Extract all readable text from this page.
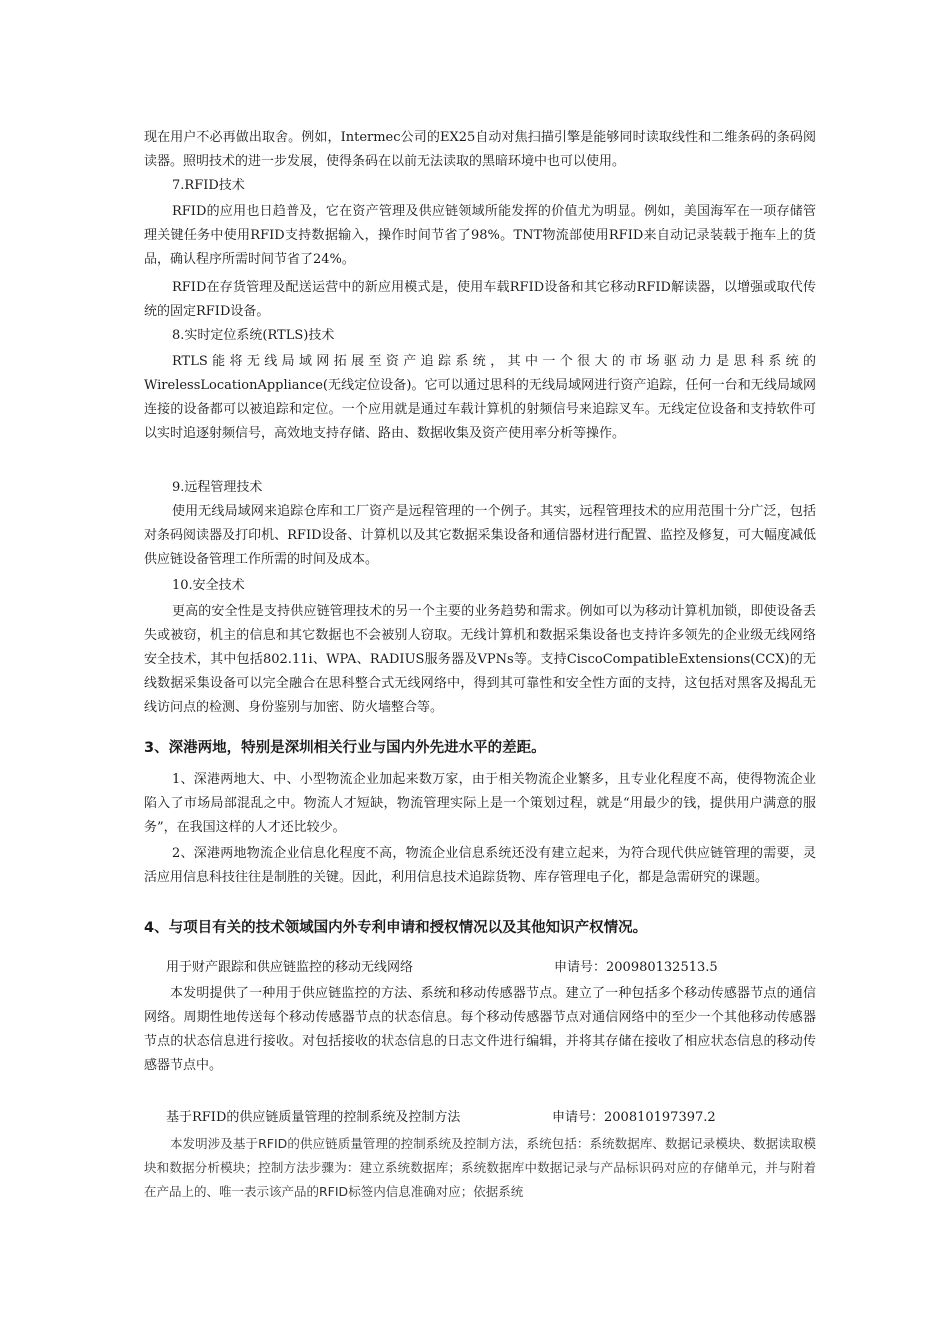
现在用户不必再做出取舍。例如，Intermec公司的EX25自动对焦扫描引擎是能够同时读取线性和二维条码的条码阅读器。照明技术的进一步发展，使得条码在以前无法读取的黑暗环境中也可以使用。

7.RFID技术

RFID的应用也日趋普及，它在资产管理及供应链领域所能发挥的价值尤为明显。例如，美国海军在一项存储管理关键任务中使用RFID支持数据输入，操作时间节省了98%。TNT物流部使用RFID来自动记录装载于拖车上的货品，确认程序所需时间节省了24%。

RFID在存货管理及配送运营中的新应用模式是，使用车载RFID设备和其它移动RFID解读器，以增强或取代传统的固定RFID设备。

8.实时定位系统(RTLS)技术

RTLS能将无线局域网拓展至资产追踪系统，其中一个很大的市场驱动力是思科系统的WirelessLocationAppliance(无线定位设备)。它可以通过思科的无线局域网进行资产追踪，任何一台和无线局域网连接的设备都可以被追踪和定位。一个应用就是通过车载计算机的射频信号来追踪叉车。无线定位设备和支持软件可以实时追逐射频信号，高效地支持存储、路由、数据收集及资产使用率分析等操作。

9.远程管理技术

使用无线局域网来追踪仓库和工厂资产是远程管理的一个例子。其实，远程管理技术的应用范围十分广泛，包括对条码阅读器及打印机、RFID设备、计算机以及其它数据采集设备和通信器材进行配置、监控及修复，可大幅度减低供应链设备管理工作所需的时间及成本。

10.安全技术

更高的安全性是支持供应链管理技术的另一个主要的业务趋势和需求。例如可以为移动计算机加锁，即使设备丢失或被窃，机主的信息和其它数据也不会被别人窃取。无线计算机和数据采集设备也支持许多领先的企业级无线网络安全技术，其中包括802.11i、WPA、RADIUS服务器及VPNs等。支持CiscoCompatibleExtensions(CCX)的无线数据采集设备可以完全融合在思科整合式无线网络中，得到其可靠性和安全性方面的支持，这包括对黑客及揭乱无线访问点的检测、身份鉴别与加密、防火墙整合等。

3、深港两地，特别是深圳相关行业与国内外先进水平的差距。

1、深港两地大、中、小型物流企业加起来数万家，由于相关物流企业繁多，且专业化程度不高，使得物流企业陷入了市场局部混乱之中。物流人才短缺，物流管理实际上是一个策划过程，就是“用最少的钱，提供用户满意的服务”，在我国这样的人才还比较少。

2、深港两地物流企业信息化程度不高，物流企业信息系统还没有建立起来，为符合现代供应链管理的需要，灵活应用信息科技往往是制胜的关键。因此，利用信息技术追踪货物、库存管理电子化，都是急需研究的课题。

4、与项目有关的技术领域国内外专利申请和授权情况以及其他知识产权情况。
用于财产跟踪和供应链监控的移动无线网络	申请号：200980132513.5

本发明提供了一种用于供应链监控的方法、系统和移动传感器节点。建立了一种包括多个移动传感器节点的通信网络。周期性地传送每个移动传感器节点的状态信息。每个移动传感器节点对通信网络中的至少一个其他移动传感器节点的状态信息进行接收。对包括接收的状态信息的日志文件进行编辑，并将其存储在接收了相应状态信息的移动传感器节点中。

基于RFID的供应链质量管理的控制系统及控制方法	申请号：200810197397.2

本发明涉及基于RFID的供应链质量管理的控制系统及控制方法，系统包括：系统数据库、数据记录模块、数据读取模块和数据分析模块；控制方法步骤为：建立系统数据库；系统数据库中数据记录与产品标识码对应的存储单元，并与附着在产品上的、唯一表示该产品的RFID标签内信息准确对应；依据系统
